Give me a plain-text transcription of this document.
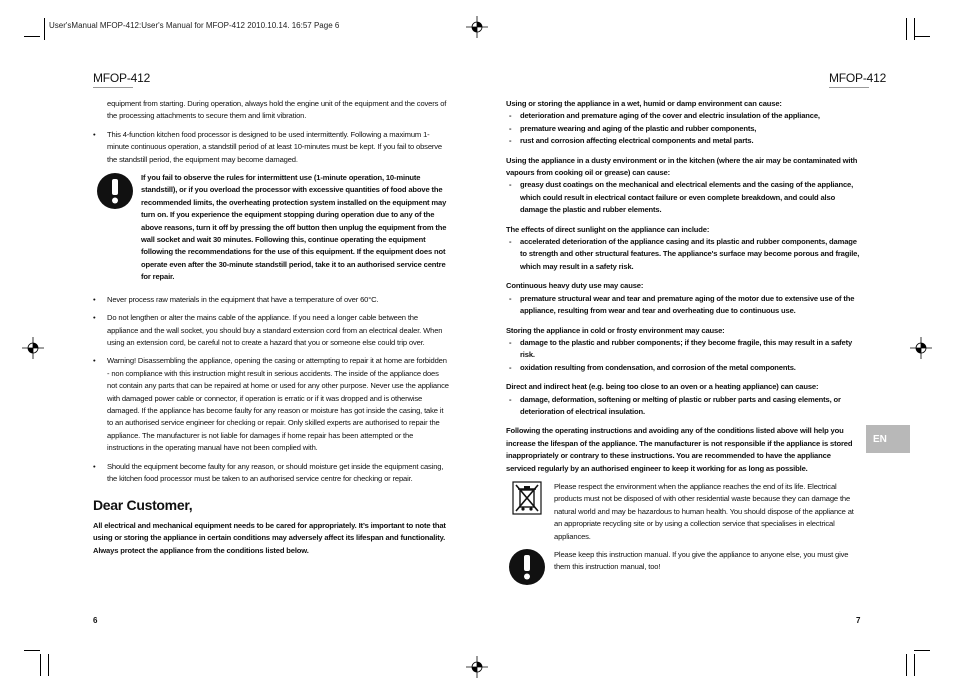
User'sManual MFOP-412:User's Manual for MFOP-412 2010.10.14. 16:57 Page 6
MFOP-412

equipment from starting. During operation, always hold the engine unit of the equipment and the covers of the processing attachments to secure them and limit vibration.

• This 4-function kitchen food processor is designed to be used intermittently. Following a maximum 1-minute continuous operation, a standstill period of at least 10-minutes must be kept. If you fail to observe the standstill period, the equipment may become damaged.
If you fail to observe the rules for intermittent use (1-minute operation, 10-minute standstill), or if you overload the processor with excessive quantities of food above the recommended limits, the overheating protection system installed on the equipment may turn on. If you experience the equipment stopping during operation due to any of the above reasons, turn it off by pressing the off button then unplug the equipment from the wall socket and wait 30 minutes. Following this, continue operating the equipment following the recommendations for the use of this equipment. If the equipment does not operate even after the 30-minute standstill period, take it to an authorised service centre for repair.
• Never process raw materials in the equipment that have a temperature of over 60°C.
• Do not lengthen or alter the mains cable of the appliance. If you need a longer cable between the appliance and the wall socket, you should buy a standard extension cord from an electrical dealer. When using an extension cord, be careful not to create a hazard that you or someone else could trip over.
• Warning! Disassembling the appliance, opening the casing or attempting to repair it at home are forbidden - non compliance with this instruction might result in serious accidents. The inside of the appliance does not contain any parts that can be repaired at home or used for any other purpose. Never use the appliance with damaged power cable or connector, if operation is erratic or if it was dropped and is otherwise damaged. If the appliance has become faulty for any reason or moisture has got inside the casing, take it to an authorised service engineer for checking or repair. Only skilled experts are authorised to repair the appliance. The manufacturer is not liable for damages if home repair has been attempted or the instructions in the operating manual have not been complied with.
• Should the equipment become faulty for any reason, or should moisture get inside the equipment casing, the kitchen food processor must be taken to an authorised service centre for checking or repair.
Dear Customer,
All electrical and mechanical equipment needs to be cared for appropriately. It’s important to note that using or storing the appliance in certain conditions may adversely affect its lifespan and functionality. Always protect the appliance from the conditions listed below.
6
MFOP-412
Using or storing the appliance in a wet, humid or damp environment can cause:
- deterioration and premature aging of the cover and electric insulation of the appliance,
- premature wearing and aging of the plastic and rubber components,
- rust and corrosion affecting electrical components and metal parts.
Using the appliance in a dusty environment or in the kitchen (where the air may be contaminated with vapours from cooking oil or grease) can cause:
- greasy dust coatings on the mechanical and electrical elements and the casing of the appliance, which could result in electrical contact failure or even complete breakdown, and could also damage the plastic and rubber elements.
The effects of direct sunlight on the appliance can include:
- accelerated deterioration of the appliance casing and its plastic and rubber components, damage to strength and other structural features. The appliance's surface may become porous and fragile, which may result in a safety risk.
Continuous heavy duty use may cause:
- premature structural wear and tear and premature aging of the motor due to extensive use of the appliance, resulting from wear and tear and overheating due to continuous use.
Storing the appliance in cold or frosty environment may cause:
- damage to the plastic and rubber components; if they become fragile, this may result in a safety risk.
- oxidation resulting from condensation, and corrosion of the metal components.
Direct and indirect heat (e.g. being too close to an oven or a heating appliance) can cause:
- damage, deformation, softening or melting of plastic or rubber parts and casing elements, or deterioration of electrical insulation.
Following the operating instructions and avoiding any of the conditions listed above will help you increase the lifespan of the appliance. The manufacturer is not responsible if the appliance is stored inappropriately or contrary to these instructions. You are recommended to have the appliance serviced regularly by an authorised engineer to keep it working for as long as possible.
Please respect the environment when the appliance reaches the end of its life. Electrical products must not be disposed of with other residential waste because they can damage the natural world and may be hazardous to human health. You should dispose of the appliance at an appropriate recycling site or by using a collection service that specialises in electrical appliances.
Please keep this instruction manual. If you give the appliance to anyone else, you must give them this instruction manual, too!
EN
7
